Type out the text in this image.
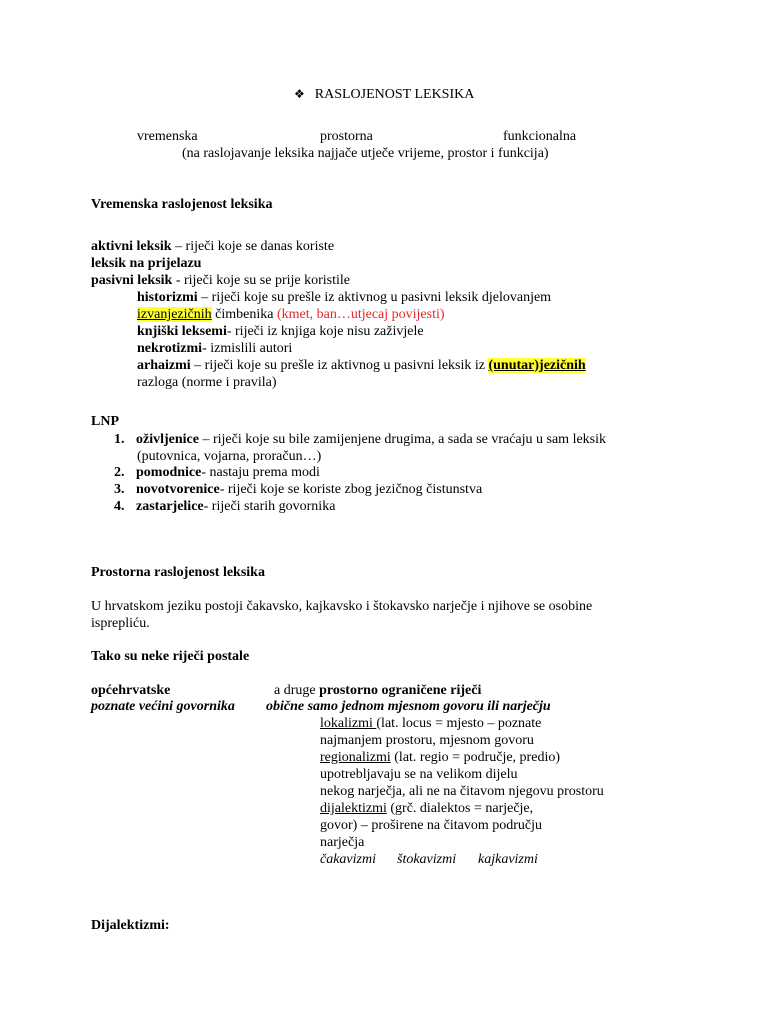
❖ RASLOJENOST LEKSIKA
vremenska	prostorna	funkcionalna
(na raslojavanje leksika najjače utječe vrijeme, prostor i funkcija)
Vremenska raslojenost leksika
aktivni leksik – riječi koje se danas koriste
leksik na prijelazu
pasivni leksik - riječi koje su se prije koristile
historizmi – riječi koje su prešle iz aktivnog u pasivni leksik djelovanjem
izvanjezičnih čimbenika (kmet, ban…utjecaj povijesti)
knjiški leksemi- riječi iz knjiga koje nisu zaživjele
nekrotizmi- izmislili autori
arhaizmi – riječi koje su prešle iz aktivnog u pasivni leksik iz (unutar)jezičnih
razloga (norme i pravila)
LNP
1. oživljenice – riječi koje su bile zamijenjene drugima, a sada se vraćaju u sam leksik
(putovnica, vojarna, proračun…)
2. pomodnice- nastaju prema modi
3. novotvorenice- riječi koje se koriste zbog jezičnog čistunstva
4. zastarjelice- riječi starih govornika
Prostorna raslojenost leksika
U hrvatskom jeziku postoji čakavsko, kajkavsko i štokavsko narječje i njihove se osobine
isprepliću.
Tako su neke riječi postale
općehrvatske	a druge prostorno ograničene riječi
poznate većini govornika obične samo jednom mjesnom govoru ili narječju
lokalizmi (lat. locus = mjesto – poznate
najmanjem prostoru, mjesnom govoru
regionalizmi (lat. regio = područje, predio)
upotrebljavaju se na velikom dijelu
nekog narječja, ali ne na čitavom njegovu prostoru
dijalektizmi (grč. dialektos = narječje,
govor) – proširene na čitavom području
narječja
čakavizmi štokavizmi kajkavizmi
Dijalektizmi:
